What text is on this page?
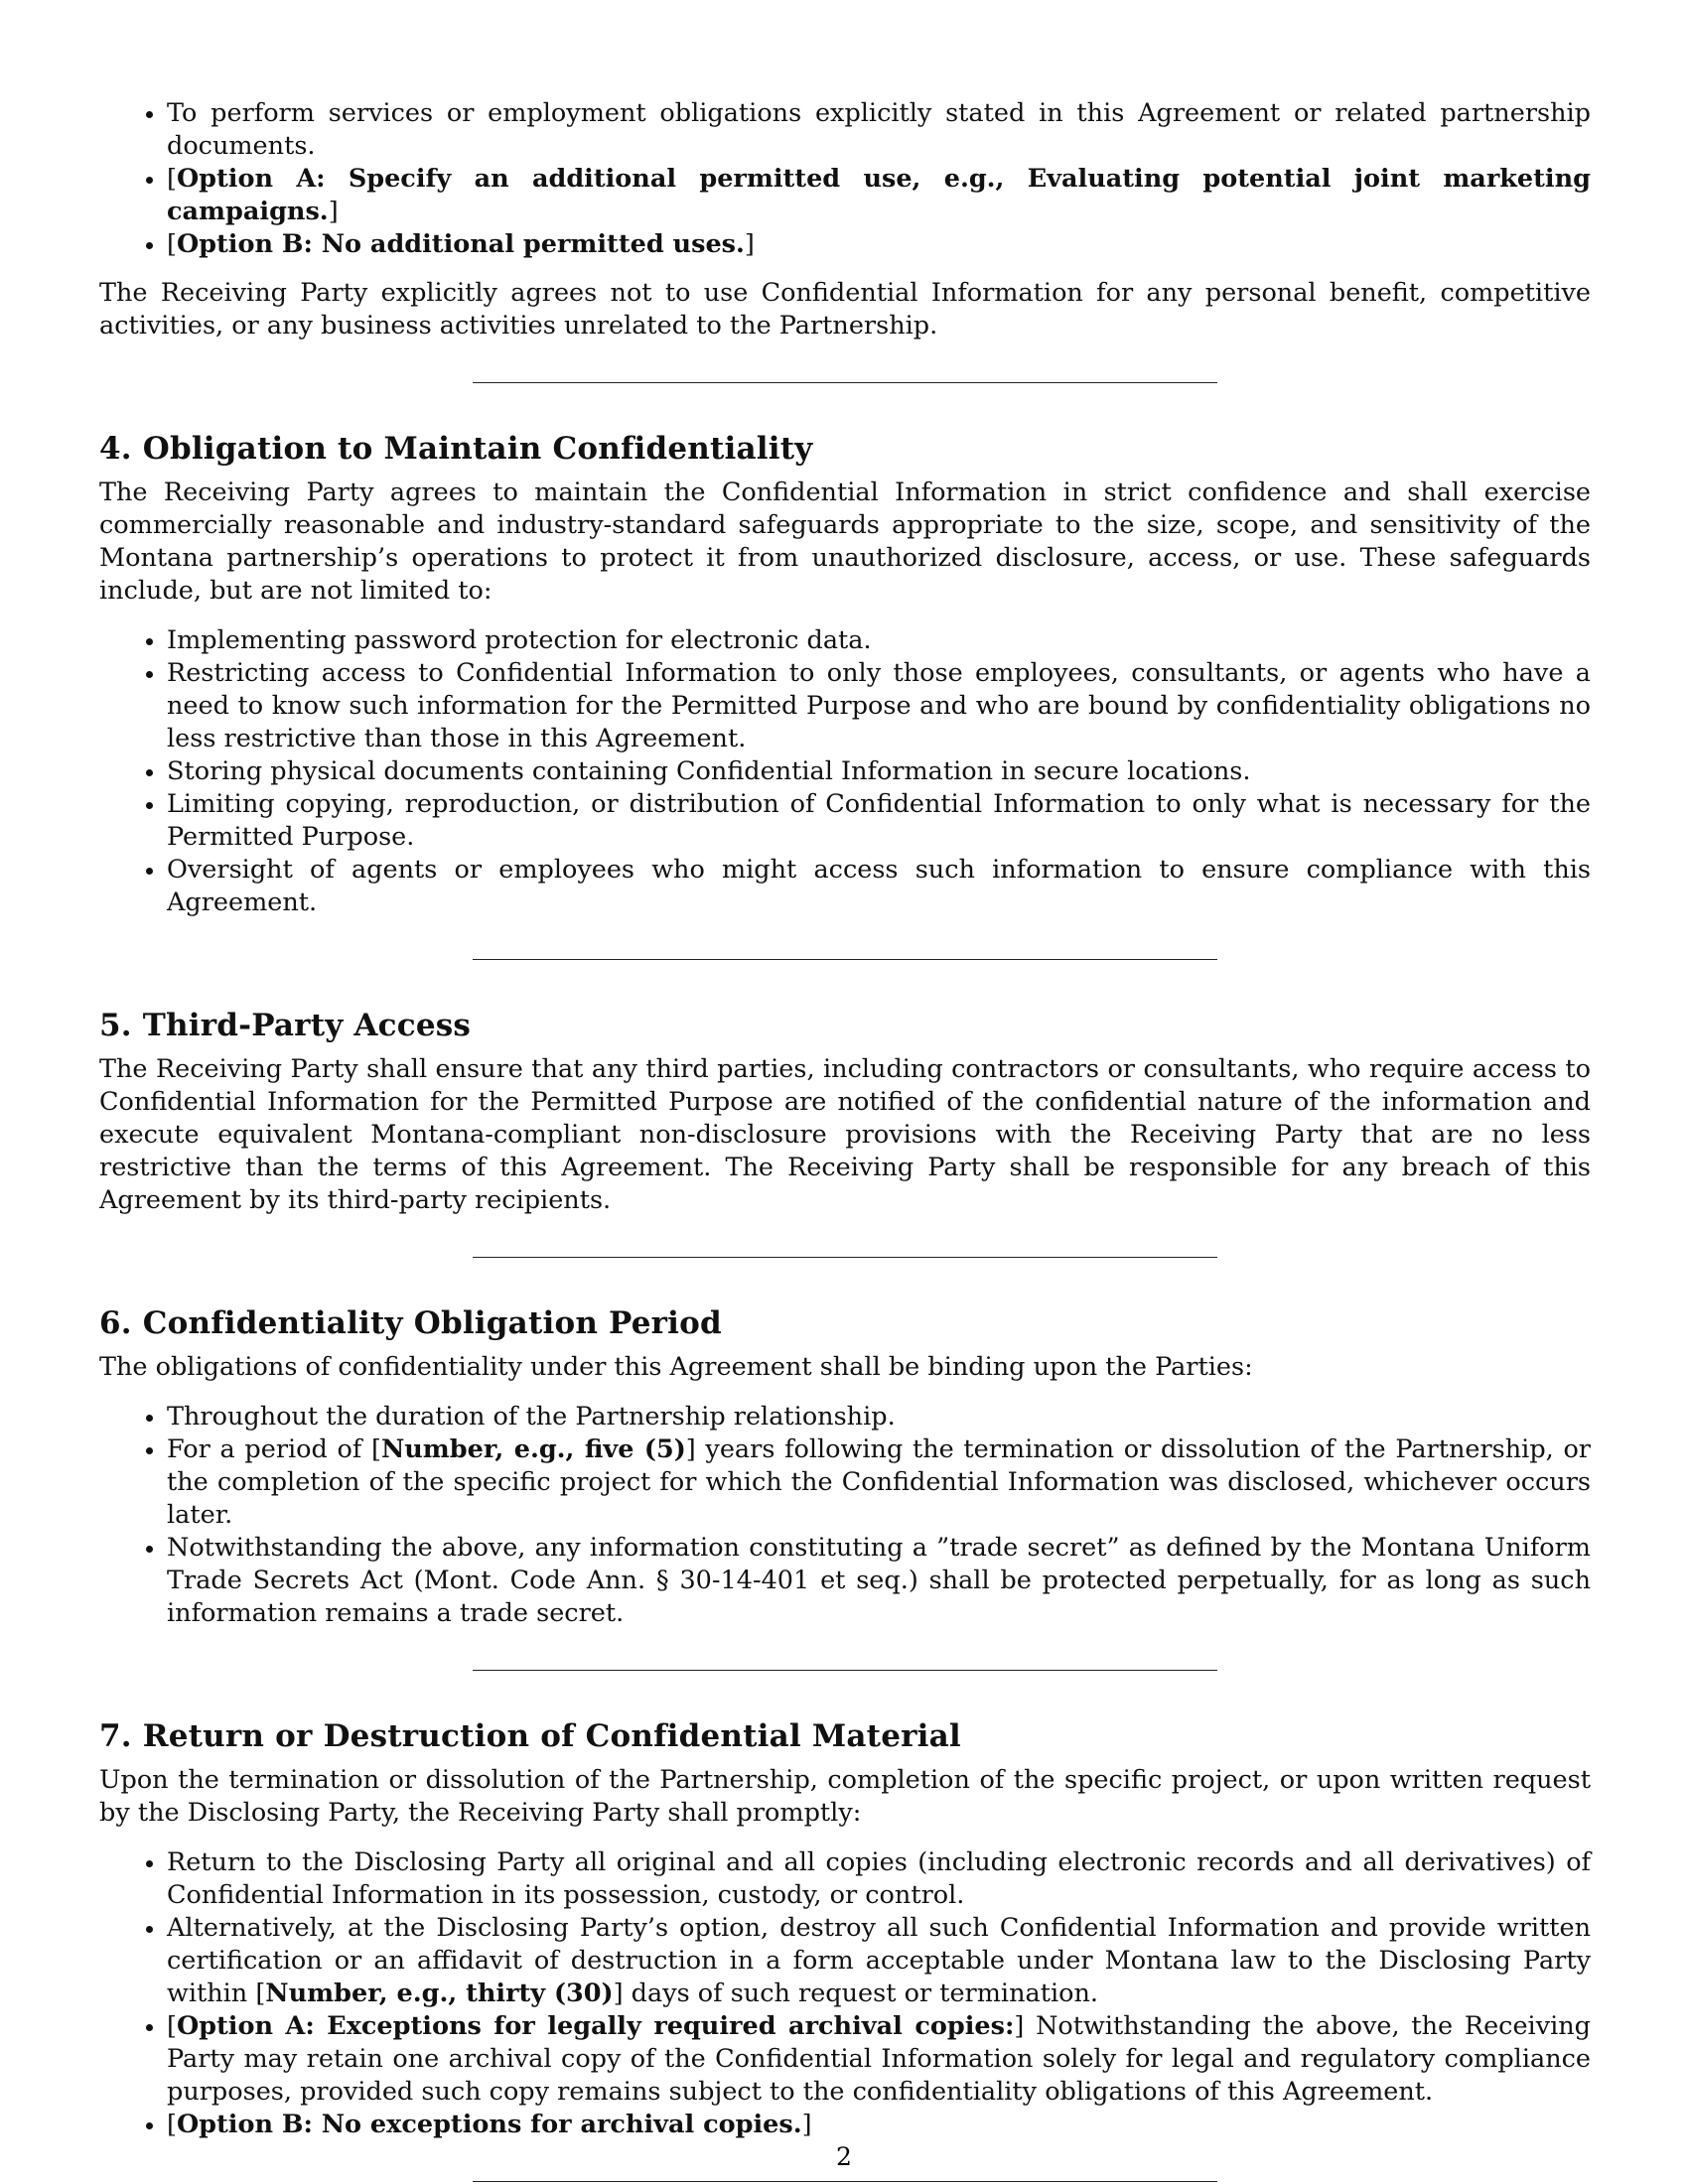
• To perform services or employment obligations explicitly stated in this Agreement or related partnership documents.
• [Option A: Specify an additional permitted use, e.g., Evaluating potential joint marketing campaigns.]
• [Option B: No additional permitted uses.]

The Receiving Party explicitly agrees not to use Confidential Information for any personal benefit, competitive activities, or any business activities unrelated to the Partnership.

4. Obligation to Maintain Confidentiality

The Receiving Party agrees to maintain the Confidential Information in strict confidence and shall exercise commercially reasonable and industry-standard safeguards appropriate to the size, scope, and sensitivity of the Montana partnership’s operations to protect it from unauthorized disclosure, access, or use. These safeguards include, but are not limited to:

• Implementing password protection for electronic data.
• Restricting access to Confidential Information to only those employees, consultants, or agents who have a need to know such information for the Permitted Purpose and who are bound by confidentiality obligations no less restrictive than those in this Agreement.
• Storing physical documents containing Confidential Information in secure locations.
• Limiting copying, reproduction, or distribution of Confidential Information to only what is necessary for the Permitted Purpose.
• Oversight of agents or employees who might access such information to ensure compliance with this Agreement.
5. Third-Party Access

The Receiving Party shall ensure that any third parties, including contractors or consultants, who require access to Confidential Information for the Permitted Purpose are notified of the confidential nature of the information and execute equivalent Montana-compliant non-disclosure provisions with the Receiving Party that are no less restrictive than the terms of this Agreement. The Receiving Party shall be responsible for any breach of this Agreement by its third-party recipients.

6. Confidentiality Obligation Period

The obligations of confidentiality under this Agreement shall be binding upon the Parties:

• Throughout the duration of the Partnership relationship.
• For a period of [Number, e.g., five (5)] years following the termination or dissolution of the Partnership, or the completion of the specific project for which the Confidential Information was disclosed, whichever occurs later.
• Notwithstanding the above, any information constituting a ”trade secret” as defined by the Montana Uniform Trade Secrets Act (Mont. Code Ann. § 30-14-401 et seq.) shall be protected perpetually, for as long as such information remains a trade secret.
7. Return or Destruction of Confidential Material

Upon the termination or dissolution of the Partnership, completion of the specific project, or upon written request by the Disclosing Party, the Receiving Party shall promptly:

• Return to the Disclosing Party all original and all copies (including electronic records and all derivatives) of Confidential Information in its possession, custody, or control.
• Alternatively, at the Disclosing Party’s option, destroy all such Confidential Information and provide written certification or an affidavit of destruction in a form acceptable under Montana law to the Disclosing Party within [Number, e.g., thirty (30)] days of such request or termination.
• [Option A: Exceptions for legally required archival copies:] Notwithstanding the above, the Receiving Party may retain one archival copy of the Confidential Information solely for legal and regulatory compliance purposes, provided such copy remains subject to the confidentiality obligations of this Agreement.
• [Option B: No exceptions for archival copies.]
2
